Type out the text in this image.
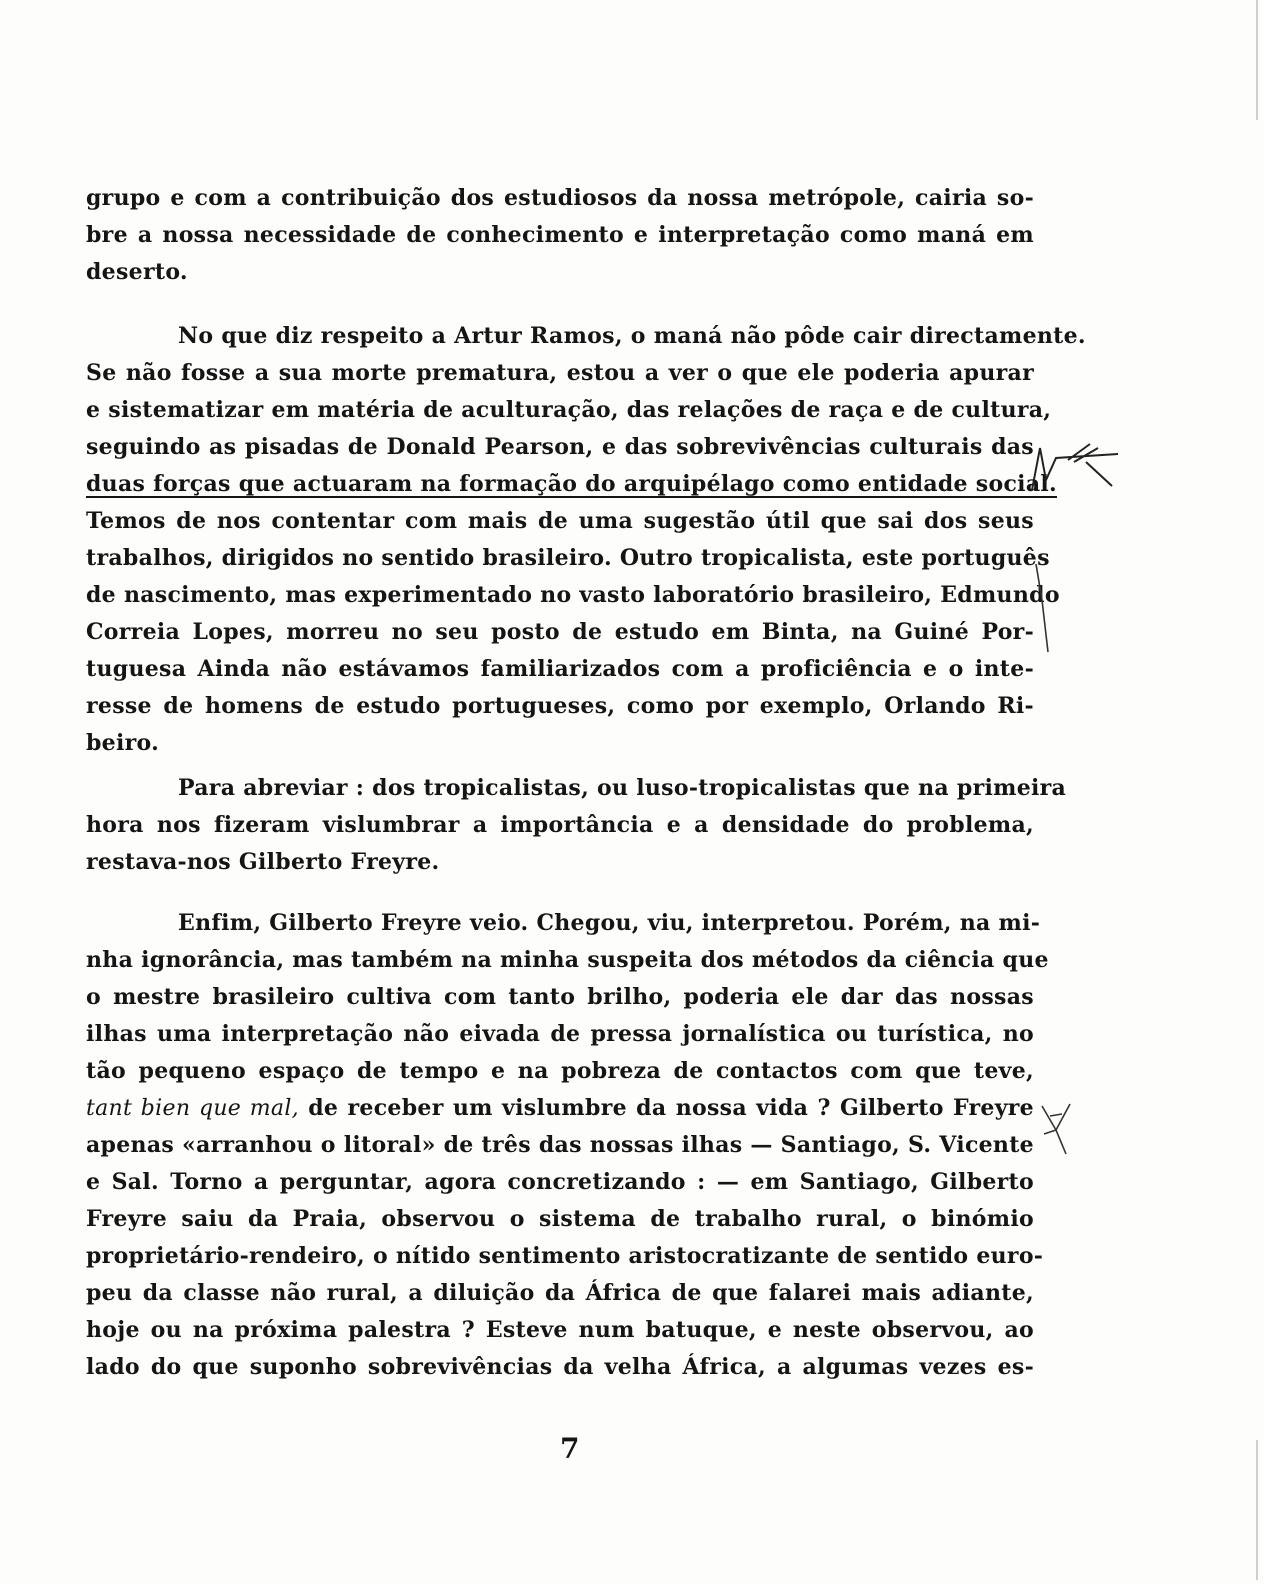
grupo e com a contribuição dos estudiosos da nossa metrópole, cairia so-
bre a nossa necessidade de conhecimento e interpretação como maná em
deserto.
No que diz respeito a Artur Ramos, o maná não pôde cair directamente.
Se não fosse a sua morte prematura, estou a ver o que ele poderia apurar
e sistematizar em matéria de aculturação, das relações de raça e de cultura,
seguindo as pisadas de Donald Pearson, e das sobrevivências culturais das
duas forças que actuaram na formação do arquipélago como entidade social.
Temos de nos contentar com mais de uma sugestão útil que sai dos seus
trabalhos, dirigidos no sentido brasileiro. Outro tropicalista, este português
de nascimento, mas experimentado no vasto laboratório brasileiro, Edmundo
Correia Lopes, morreu no seu posto de estudo em Binta, na Guiné Por-
tuguesa Ainda não estávamos familiarizados com a proficiência e o inte-
resse de homens de estudo portugueses, como por exemplo, Orlando Ri-
beiro.
Para abreviar : dos tropicalistas, ou luso-tropicalistas que na primeira
hora nos fizeram vislumbrar a importância e a densidade do problema,
restava-nos Gilberto Freyre.
Enfim, Gilberto Freyre veio. Chegou, viu, interpretou. Porém, na mi-
nha ignorância, mas também na minha suspeita dos métodos da ciência que
o mestre brasileiro cultiva com tanto brilho, poderia ele dar das nossas
ilhas uma interpretação não eivada de pressa jornalística ou turística, no
tão pequeno espaço de tempo e na pobreza de contactos com que teve,
tant bien que mal, de receber um vislumbre da nossa vida ? Gilberto Freyre
apenas «arranhou o litoral» de três das nossas ilhas — Santiago, S. Vicente
e Sal. Torno a perguntar, agora concretizando : — em Santiago, Gilberto
Freyre saiu da Praia, observou o sistema de trabalho rural, o binómio
proprietário-rendeiro, o nítido sentimento aristocratizante de sentido euro-
peu da classe não rural, a diluição da África de que falarei mais adiante,
hoje ou na próxima palestra ? Esteve num batuque, e neste observou, ao
lado do que suponho sobrevivências da velha África, a algumas vezes es-
7
